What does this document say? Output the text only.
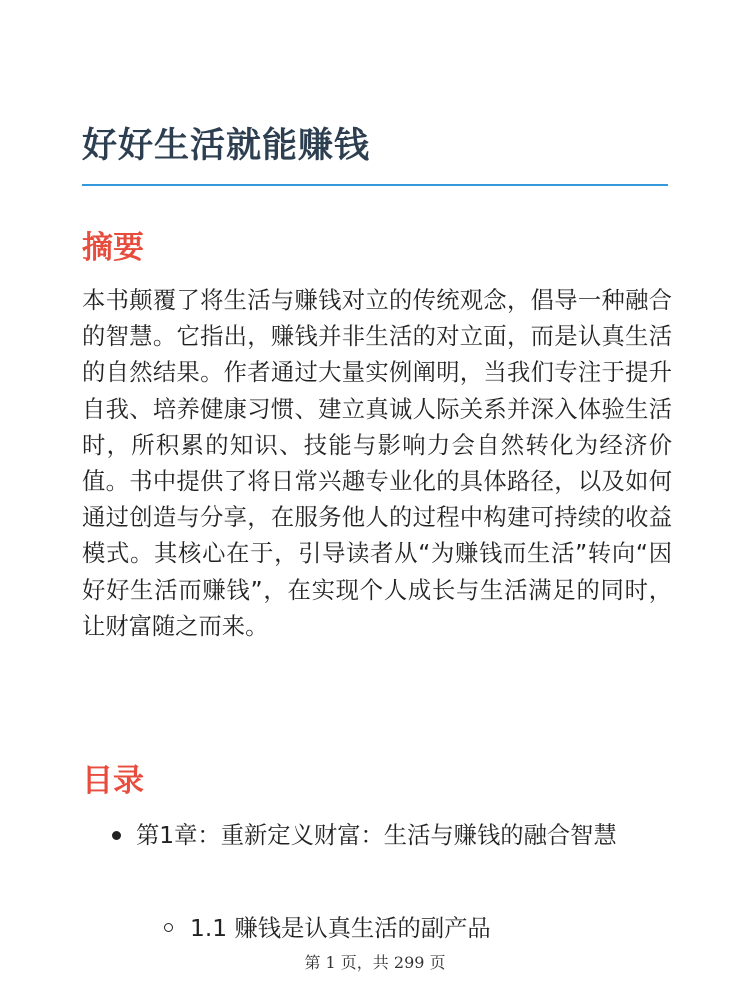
好好生活就能赚钱
摘要

本书颠覆了将生活与赚钱对立的传统观念，倡导一种融合的智慧。它指出，赚钱并非生活的对立面，而是认真生活的自然结果。作者通过大量实例阐明，当我们专注于提升自我、培养健康习惯、建立真诚人际关系并深入体验生活时，所积累的知识、技能与影响力会自然转化为经济价值。书中提供了将日常兴趣专业化的具体路径，以及如何通过创造与分享，在服务他人的过程中构建可持续的收益模式。其核心在于，引导读者从“为赚钱而生活”转向“因好好生活而赚钱”，在实现个人成长与生活满足的同时，让财富随之而来。

目录
第1章：重新定义财富：生活与赚钱的融合智慧
1.1 赚钱是认真生活的副产品
第 1 页，共 299 页
